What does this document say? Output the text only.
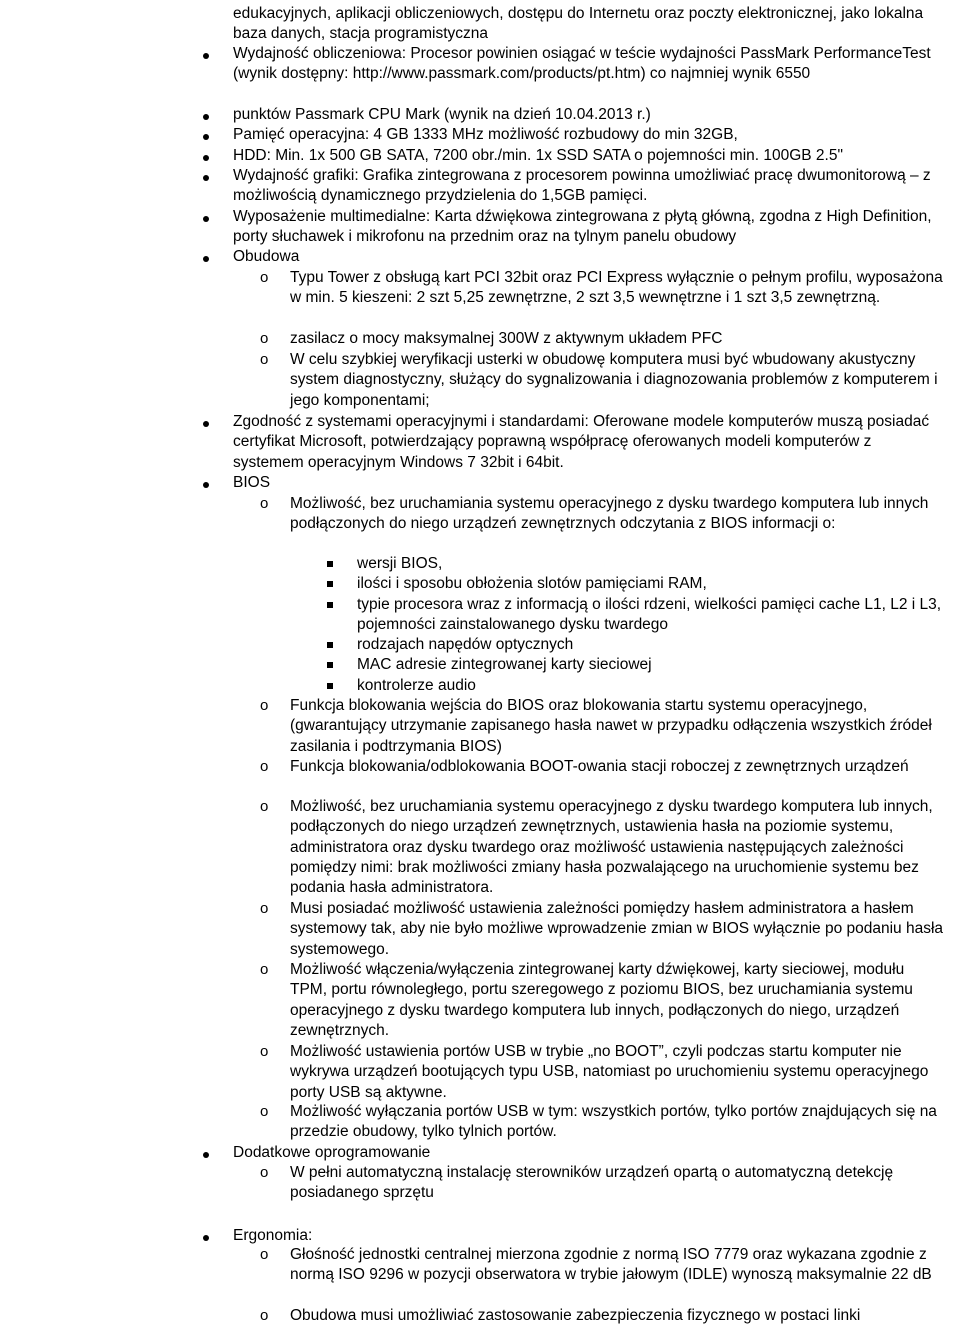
edukacyjnych, aplikacji obliczeniowych, dostępu do Internetu oraz poczty elektronicznej, jako lokalna baza danych, stacja programistyczna

Wydajność obliczeniowa: Procesor powinien osiągać w teście wydajności PassMark PerformanceTest (wynik dostępny: http://www.passmark.com/products/pt.htm) co najmniej wynik 6550

punktów Passmark CPU Mark (wynik na dzień 10.04.2013 r.)

Pamięć operacyjna: 4 GB 1333 MHz możliwość rozbudowy do min 32GB,

HDD: Min. 1x 500 GB SATA, 7200 obr./min. 1x SSD SATA o pojemności min. 100GB 2.5"

Wydajność grafiki: Grafika zintegrowana z procesorem powinna umożliwiać pracę dwumonitorową – z możliwością dynamicznego przydzielenia do 1,5GB pamięci.

Wyposażenie multimedialne: Karta dźwiękowa zintegrowana z płytą główną, zgodna z High Definition, porty słuchawek i mikrofonu na przednim oraz na tylnym panelu obudowy

Obudowa

o Typu Tower z obsługą kart PCI 32bit oraz PCI Express wyłącznie o pełnym profilu, wyposażona w min. 5 kieszeni: 2 szt 5,25 zewnętrzne, 2 szt 3,5 wewnętrzne i 1 szt 3,5 zewnętrzną.

o zasilacz o mocy maksymalnej 300W z aktywnym układem PFC

o W celu szybkiej weryfikacji usterki w obudowę komputera musi być wbudowany akustyczny system diagnostyczny, służący do sygnalizowania i diagnozowania problemów z komputerem i jego komponentami;

Zgodność z systemami operacyjnymi i standardami: Oferowane modele komputerów muszą posiadać certyfikat Microsoft, potwierdzający poprawną współpracę oferowanych modeli komputerów z systemem operacyjnym Windows 7 32bit i 64bit.

BIOS

o Możliwość, bez uruchamiania systemu operacyjnego z dysku twardego komputera lub innych podłączonych do niego urządzeń zewnętrznych odczytania z BIOS informacji o:

wersji BIOS,

ilości i sposobu obłożenia slotów pamięciami RAM,

typie procesora wraz z informacją o ilości rdzeni, wielkości pamięci cache L1, L2 i L3, pojemności zainstalowanego dysku twardego

rodzajach napędów optycznych

MAC adresie zintegrowanej karty sieciowej

kontrolerze audio

o Funkcja blokowania wejścia do BIOS oraz blokowania startu systemu operacyjnego, (gwarantujący utrzymanie zapisanego hasła nawet w przypadku odłączenia wszystkich źródeł zasilania i podtrzymania BIOS)

o Funkcja blokowania/odblokowania BOOT-owania stacji roboczej z zewnętrznych urządzeń

o Możliwość, bez uruchamiania systemu operacyjnego z dysku twardego komputera lub innych, podłączonych do niego urządzeń zewnętrznych, ustawienia hasła na poziomie systemu, administratora oraz dysku twardego oraz możliwość ustawienia następujących zależności pomiędzy nimi: brak możliwości zmiany hasła pozwalającego na uruchomienie systemu bez podania hasła administratora.

o Musi posiadać możliwość ustawienia zależności pomiędzy hasłem administratora a hasłem systemowy tak, aby nie było możliwe wprowadzenie zmian w BIOS wyłącznie po podaniu hasła systemowego.

o Możliwość włączenia/wyłączenia zintegrowanej karty dźwiękowej, karty sieciowej, modułu TPM, portu równoległego, portu szeregowego z poziomu BIOS, bez uruchamiania systemu operacyjnego z dysku twardego komputera lub innych, podłączonych do niego, urządzeń zewnętrznych.

o Możliwość ustawienia portów USB w trybie „no BOOT”, czyli podczas startu komputer nie wykrywa urządzeń bootujących typu USB, natomiast po uruchomieniu systemu operacyjnego porty USB są aktywne.

o Możliwość wyłączania portów USB w tym: wszystkich portów, tylko portów znajdujących się na przedzie obudowy, tylko tylnich portów.

Dodatkowe oprogramowanie

o W pełni automatyczną instalację sterowników urządzeń opartą o automatyczną detekcję posiadanego sprzętu

Ergonomia:

o Głośność jednostki centralnej mierzona zgodnie z normą ISO 7779 oraz wykazana zgodnie z normą ISO 9296 w pozycji obserwatora w trybie jałowym (IDLE) wynoszą maksymalnie 22 dB

o Obudowa musi umożliwiać zastosowanie zabezpieczenia fizycznego w postaci linki
